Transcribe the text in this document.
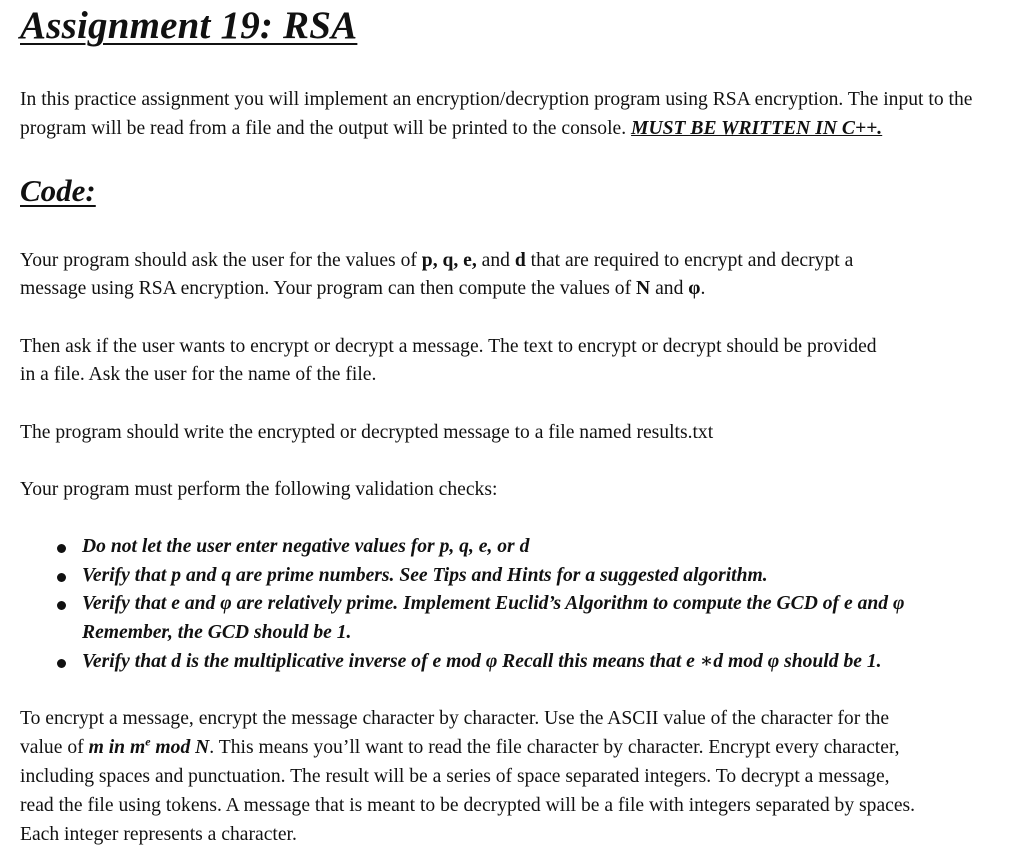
Assignment 19: RSA

In this practice assignment you will implement an encryption/decryption program using RSA encryption. The input to the program will be read from a file and the output will be printed to the console. MUST BE WRITTEN IN C++.

Code:

Your program should ask the user for the values of p, q, e, and d that are required to encrypt and decrypt a message using RSA encryption. Your program can then compute the values of N and φ.

Then ask if the user wants to encrypt or decrypt a message. The text to encrypt or decrypt should be provided in a file. Ask the user for the name of the file.

The program should write the encrypted or decrypted message to a file named results.txt

Your program must perform the following validation checks:

Do not let the user enter negative values for p, q, e, or d
Verify that p and q are prime numbers. See Tips and Hints for a suggested algorithm.
Verify that e and φ are relatively prime. Implement Euclid’s Algorithm to compute the GCD of e and φ Remember, the GCD should be 1.
Verify that d is the multiplicative inverse of e mod φ Recall this means that e ∗d mod φ should be 1.

To encrypt a message, encrypt the message character by character. Use the ASCII value of the character for the value of m in $m^e$ mod N. This means you’ll want to read the file character by character. Encrypt every character, including spaces and punctuation. The result will be a series of space separated integers. To decrypt a message, read the file using tokens. A message that is meant to be decrypted will be a file with integers separated by spaces. Each integer represents a character.
